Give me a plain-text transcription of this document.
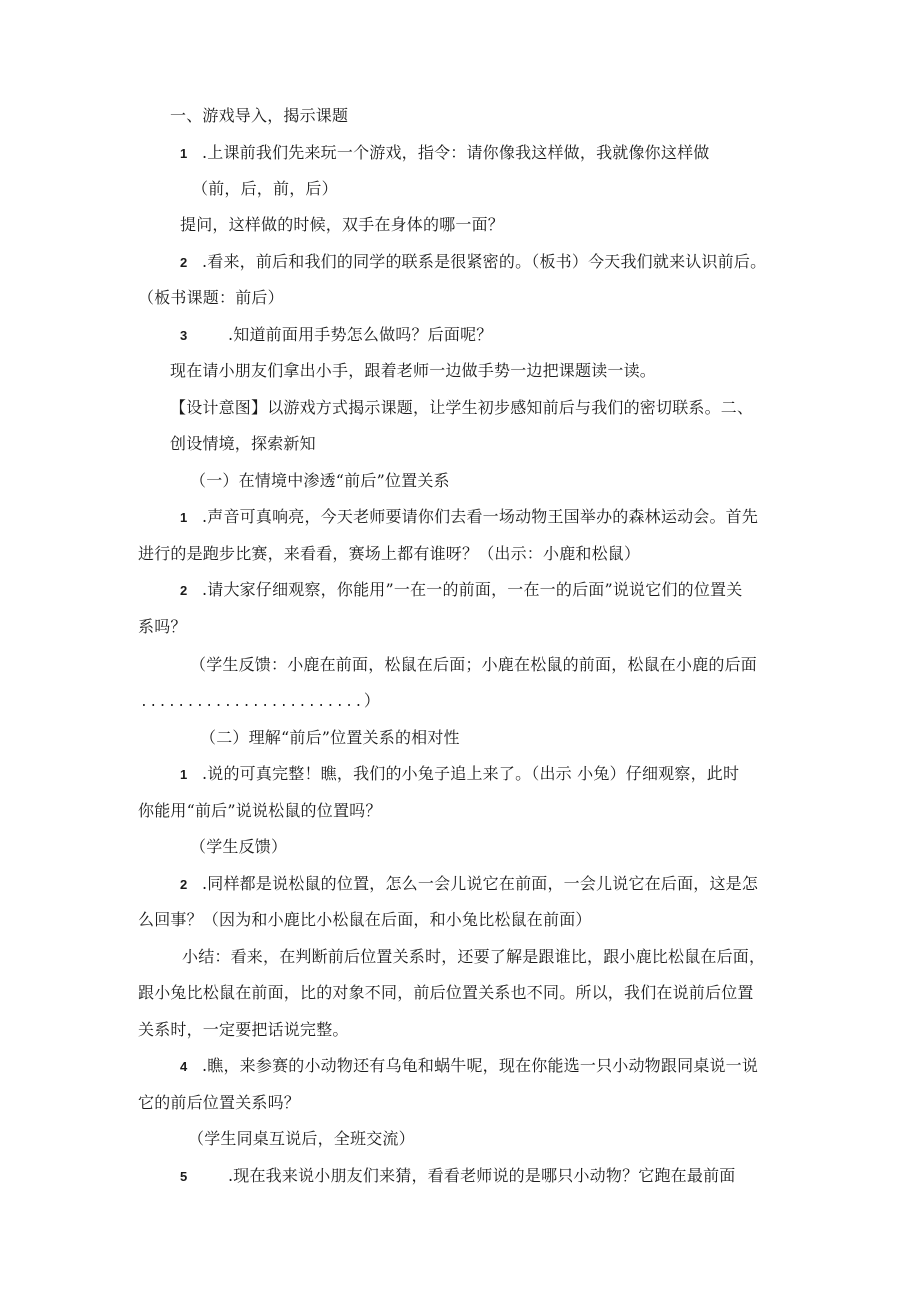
一、游戏导入，揭示课题
1 .上课前我们先来玩一个游戏，指令：请你像我这样做，我就像你这样做
（前，后，前，后）
提问，这样做的时候，双手在身体的哪一面？
2 .看来，前后和我们的同学的联系是很紧密的。（板书）今天我们就来认识前后。
（板书课题：前后）
3	.知道前面用手势怎么做吗？后面呢？
现在请小朋友们拿出小手，跟着老师一边做手势一边把课题读一读。
【设计意图】以游戏方式揭示课题，让学生初步感知前后与我们的密切联系。二、
创设情境，探索新知
（一）在情境中渗透“前后”位置关系
1 .声音可真响亮，今天老师要请你们去看一场动物王国举办的森林运动会。首先
进行的是跑步比赛，来看看，赛场上都有谁呀？（出示：小鹿和松鼠）
2 .请大家仔细观察，你能用”一在一的前面，一在一的后面”说说它们的位置关
系吗？
（学生反馈：小鹿在前面，松鼠在后面；小鹿在松鼠的前面，松鼠在小鹿的后面
........................）
（二）理解“前后”位置关系的相对性
1 .说的可真完整！瞧，我们的小兔子追上来了。（出示 小兔）仔细观察，此时
你能用“前后”说说松鼠的位置吗？
（学生反馈）
2 .同样都是说松鼠的位置，怎么一会儿说它在前面，一会儿说它在后面，这是怎
么回事？（因为和小鹿比小松鼠在后面，和小兔比松鼠在前面）
小结：看来，在判断前后位置关系时，还要了解是跟谁比，跟小鹿比松鼠在后面，
跟小兔比松鼠在前面，比的对象不同，前后位置关系也不同。所以，我们在说前后位置
关系时，一定要把话说完整。
4 .瞧，来参赛的小动物还有乌龟和蜗牛呢，现在你能选一只小动物跟同桌说一说
它的前后位置关系吗？
（学生同桌互说后，全班交流）
5	.现在我来说小朋友们来猜，看看老师说的是哪只小动物？它跑在最前面
